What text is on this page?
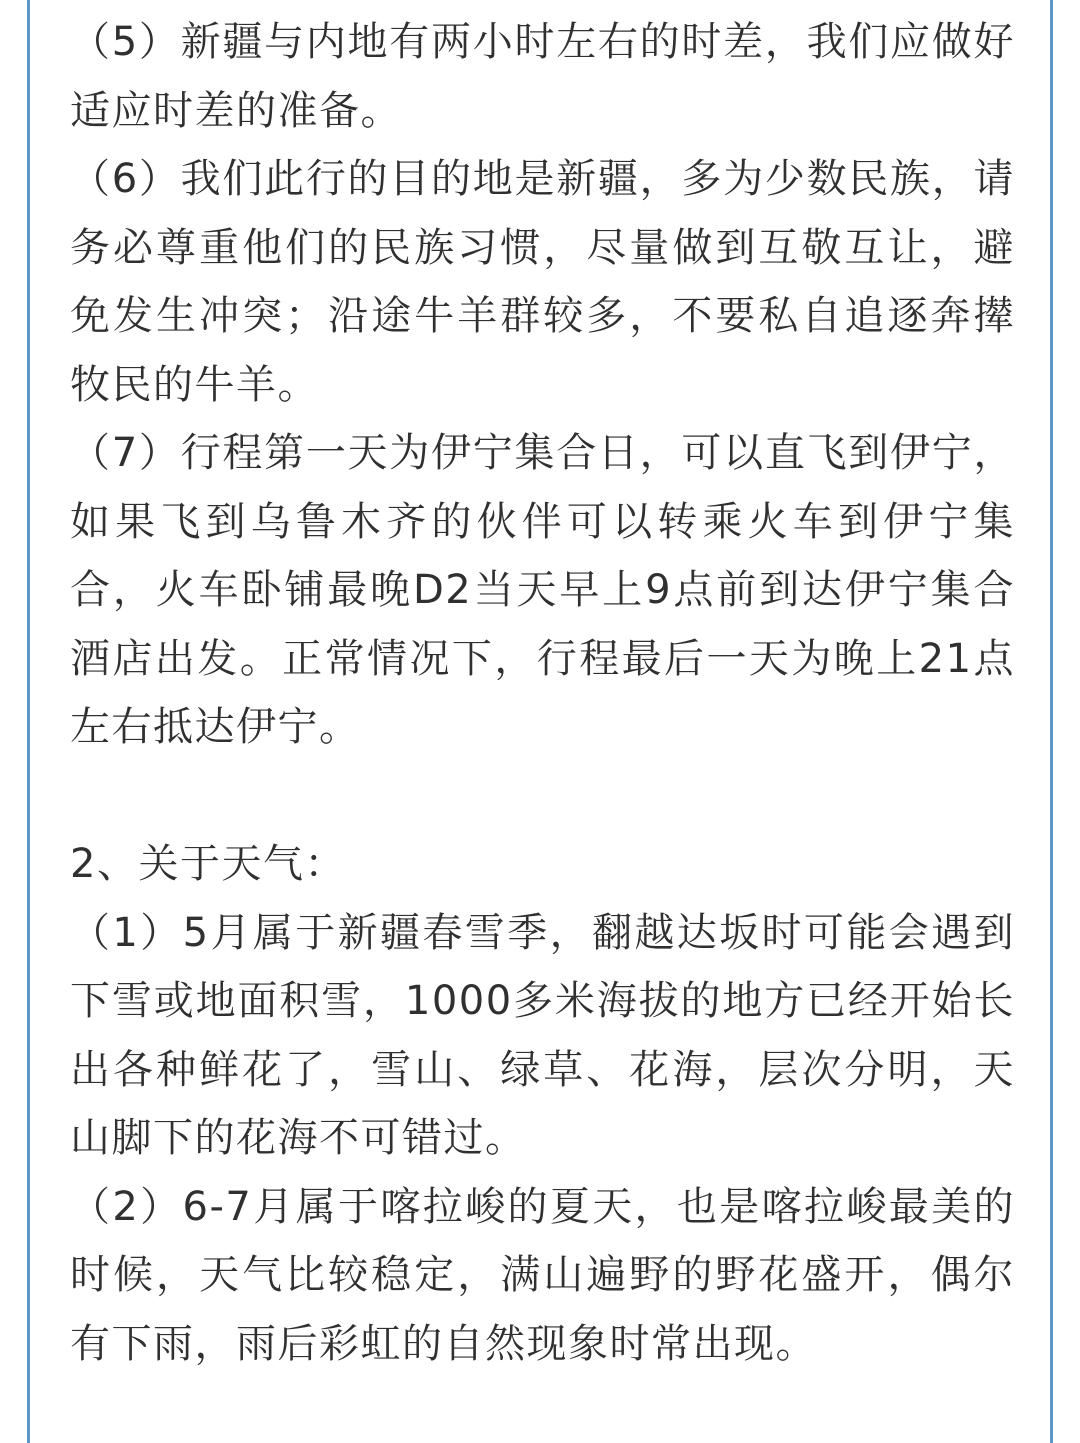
（5）新疆与内地有两小时左右的时差，我们应做好适应时差的准备。

（6）我们此行的目的地是新疆，多为少数民族，请务必尊重他们的民族习惯，尽量做到互敬互让，避免发生冲突；沿途牛羊群较多，不要私自追逐奔撵牧民的牛羊。

（7）行程第一天为伊宁集合日，可以直飞到伊宁，如果飞到乌鲁木齐的伙伴可以转乘火车到伊宁集合，火车卧铺最晚D2当天早上9点前到达伊宁集合酒店出发。正常情况下，行程最后一天为晚上21点左右抵达伊宁。

2、关于天气：

（1）5月属于新疆春雪季，翻越达坂时可能会遇到下雪或地面积雪，1000多米海拔的地方已经开始长出各种鲜花了，雪山、绿草、花海，层次分明，天山脚下的花海不可错过。

（2）6-7月属于喀拉峻的夏天，也是喀拉峻最美的时候，天气比较稳定，满山遍野的野花盛开，偶尔有下雨，雨后彩虹的自然现象时常出现。
